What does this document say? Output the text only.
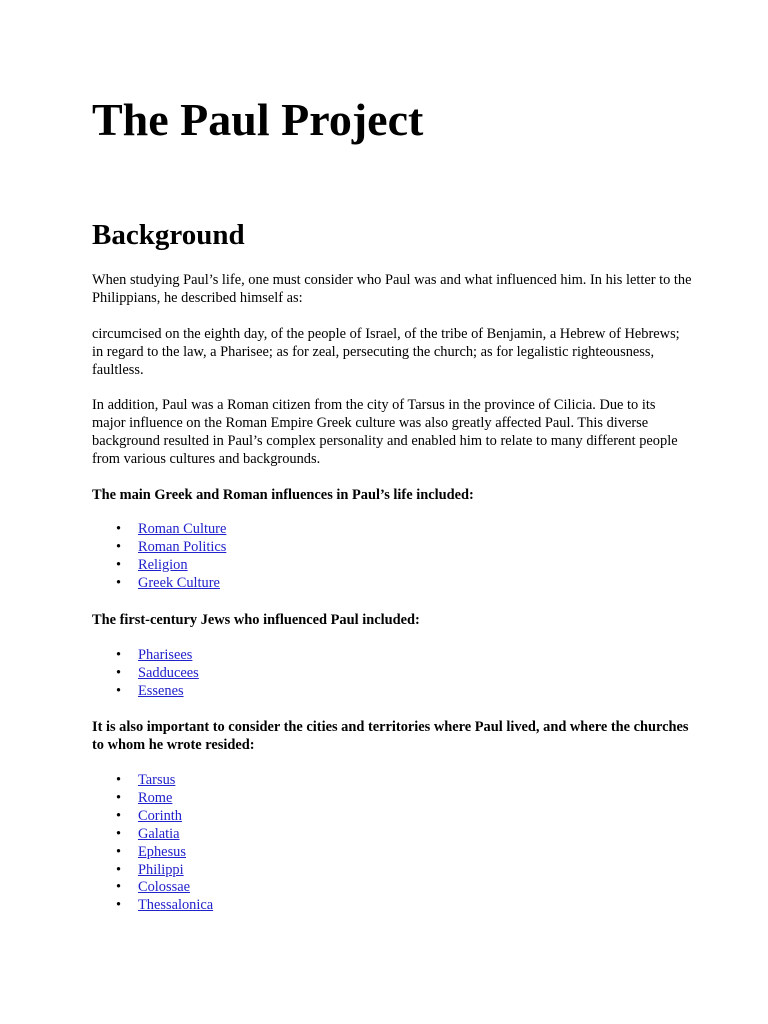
The Paul Project
Background

When studying Paul’s life, one must consider who Paul was and what influenced him. In his letter to the Philippians, he described himself as:

circumcised on the eighth day, of the people of Israel, of the tribe of Benjamin, a Hebrew of Hebrews; in regard to the law, a Pharisee; as for zeal, persecuting the church; as for legalistic righteousness, faultless.

In addition, Paul was a Roman citizen from the city of Tarsus in the province of Cilicia. Due to its major influence on the Roman Empire Greek culture was also greatly affected Paul. This diverse background resulted in Paul’s complex personality and enabled him to relate to many different people from various cultures and backgrounds.

The main Greek and Roman influences in Paul’s life included:

• Roman Culture
• Roman Politics
• Religion
• Greek Culture

The first-century Jews who influenced Paul included:

• Pharisees
• Sadducees
• Essenes

It is also important to consider the cities and territories where Paul lived, and where the churches to whom he wrote resided:

• Tarsus
• Rome
• Corinth
• Galatia
• Ephesus
• Philippi
• Colossae
• Thessalonica
